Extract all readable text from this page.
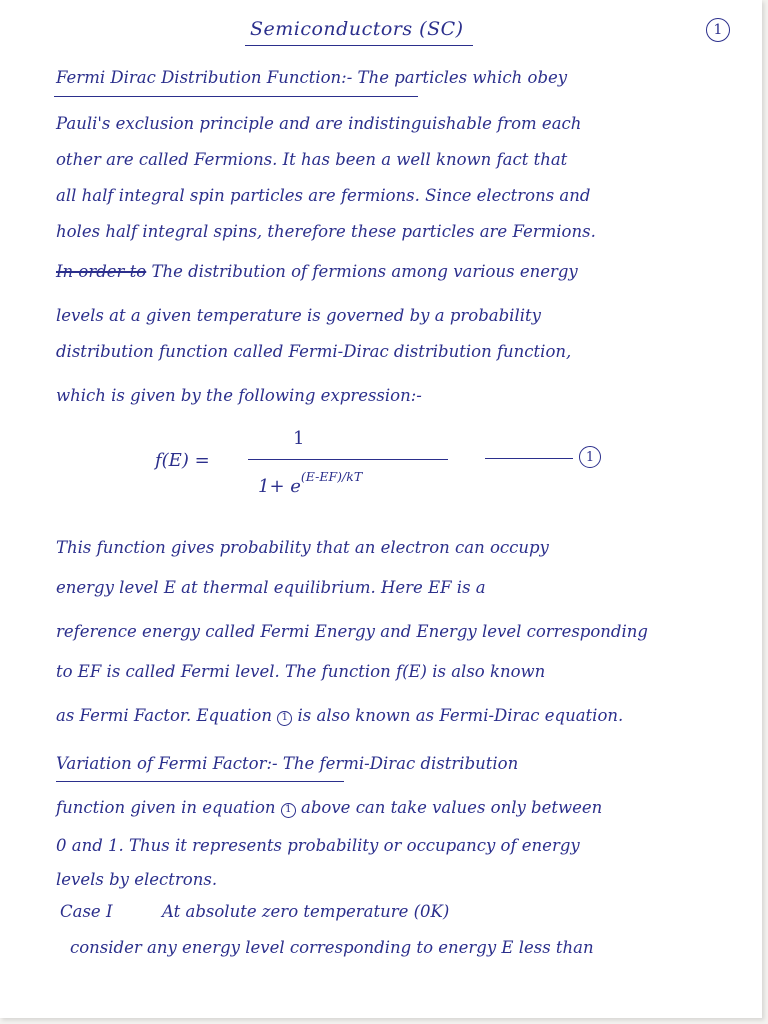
Semiconductors (SC)	1
Fermi Dirac Distribution Function:- The particles which obey
Pauli's exclusion principle and are indistinguishable from each
other are called Fermions. It has been a well known fact that
all half integral spin particles are fermions. Since electrons and
holes half integral spins, therefore these particles are Fermions.
In order to The distribution of fermions among various energy
levels at a given temperature is governed by a probability
distribution function called Fermi-Dirac distribution function,
which is given by the following expression:-
f(E) =
1
$1+ e^{(E-EF)/kT}$
1
This function gives probability that an electron can occupy
energy level E at thermal equilibrium. Here EF is a
reference energy called Fermi Energy and Energy level corresponding
to EF is called Fermi level. The function f(E) is also known
as Fermi Factor. Equation 1 is also known as Fermi-Dirac equation.
Variation of Fermi Factor:- The fermi-Dirac distribution
function given in equation 1 above can take values only between
0 and 1. Thus it represents probability or occupancy of energy
levels by electrons.
Case I	At absolute zero temperature (0K)
consider any energy level corresponding to energy E less than
